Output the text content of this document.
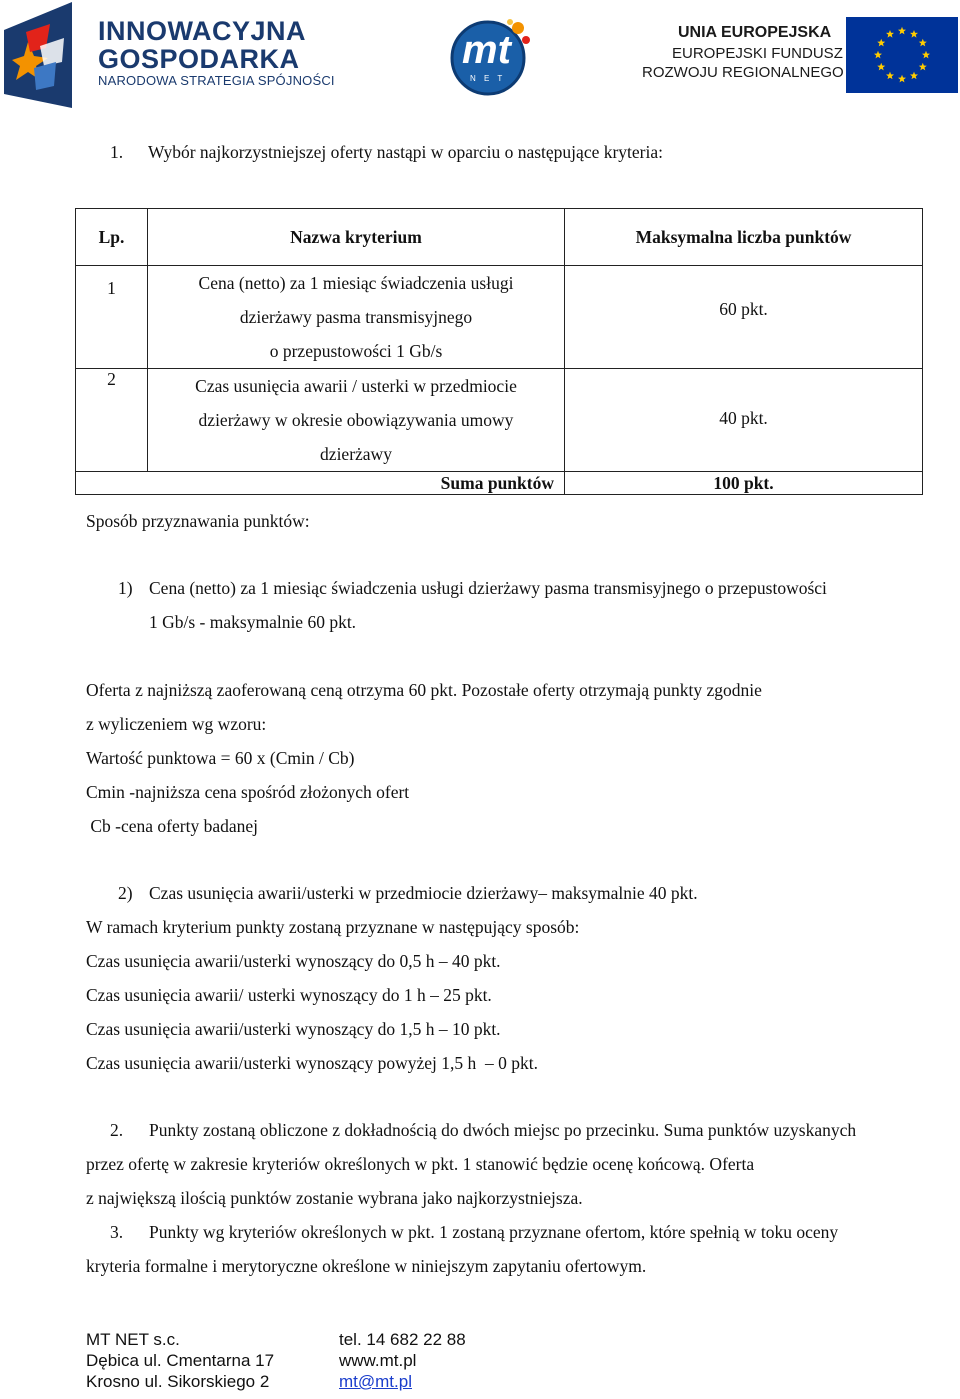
INNOWACYJNA
GOSPODARKA
NARODOWA STRATEGIA SPÓJNOŚCI
mt
N E T
UNIA EUROPEJSKA
EUROPEJSKI FUNDUSZ
ROZWOJU REGIONALNEGO
1. Wybór najkorzystniejszej oferty nastąpi w oparciu o następujące kryteria:
Lp.	Nazwa kryterium	Maksymalna liczba punktów
1	Cena (netto) za 1 miesiąc świadczenia usługi
dzierżawy pasma transmisyjnego
o przepustowości 1 Gb/s	60 pkt.
2	Czas usunięcia awarii / usterki w przedmiocie
dzierżawy w okresie obowiązywania umowy
dzierżawy	40 pkt.
Suma punktów		100 pkt.
Sposób przyznawania punktów:
1) Cena (netto) za 1 miesiąc świadczenia usługi dzierżawy pasma transmisyjnego o przepustowości
1 Gb/s - maksymalnie 60 pkt.
Oferta z najniższą zaoferowaną ceną otrzyma 60 pkt. Pozostałe oferty otrzymają punkty zgodnie
z wyliczeniem wg wzoru:
Wartość punktowa = 60 x (Cmin / Cb)
Cmin -najniższa cena spośród złożonych ofert
Cb -cena oferty badanej
2) Czas usunięcia awarii/usterki w przedmiocie dzierżawy– maksymalnie 40 pkt.
W ramach kryterium punkty zostaną przyznane w następujący sposób:
Czas usunięcia awarii/usterki wynoszący do 0,5 h – 40 pkt.
Czas usunięcia awarii/ usterki wynoszący do 1 h – 25 pkt.
Czas usunięcia awarii/usterki wynoszący do 1,5 h – 10 pkt.
Czas usunięcia awarii/usterki wynoszący powyżej 1,5 h  – 0 pkt.
2. Punkty zostaną obliczone z dokładnością do dwóch miejsc po przecinku. Suma punktów uzyskanych
przez ofertę w zakresie kryteriów określonych w pkt. 1 stanowić będzie ocenę końcową. Oferta
z największą ilością punktów zostanie wybrana jako najkorzystniejsza.
3. Punkty wg kryteriów określonych w pkt. 1 zostaną przyznane ofertom, które spełnią w toku oceny
kryteria formalne i merytoryczne określone w niniejszym zapytaniu ofertowym.
MT NET s.c.
Dębica ul. Cmentarna 17
Krosno ul. Sikorskiego 2
tel. 14 682 22 88
www.mt.pl
mt@mt.pl
